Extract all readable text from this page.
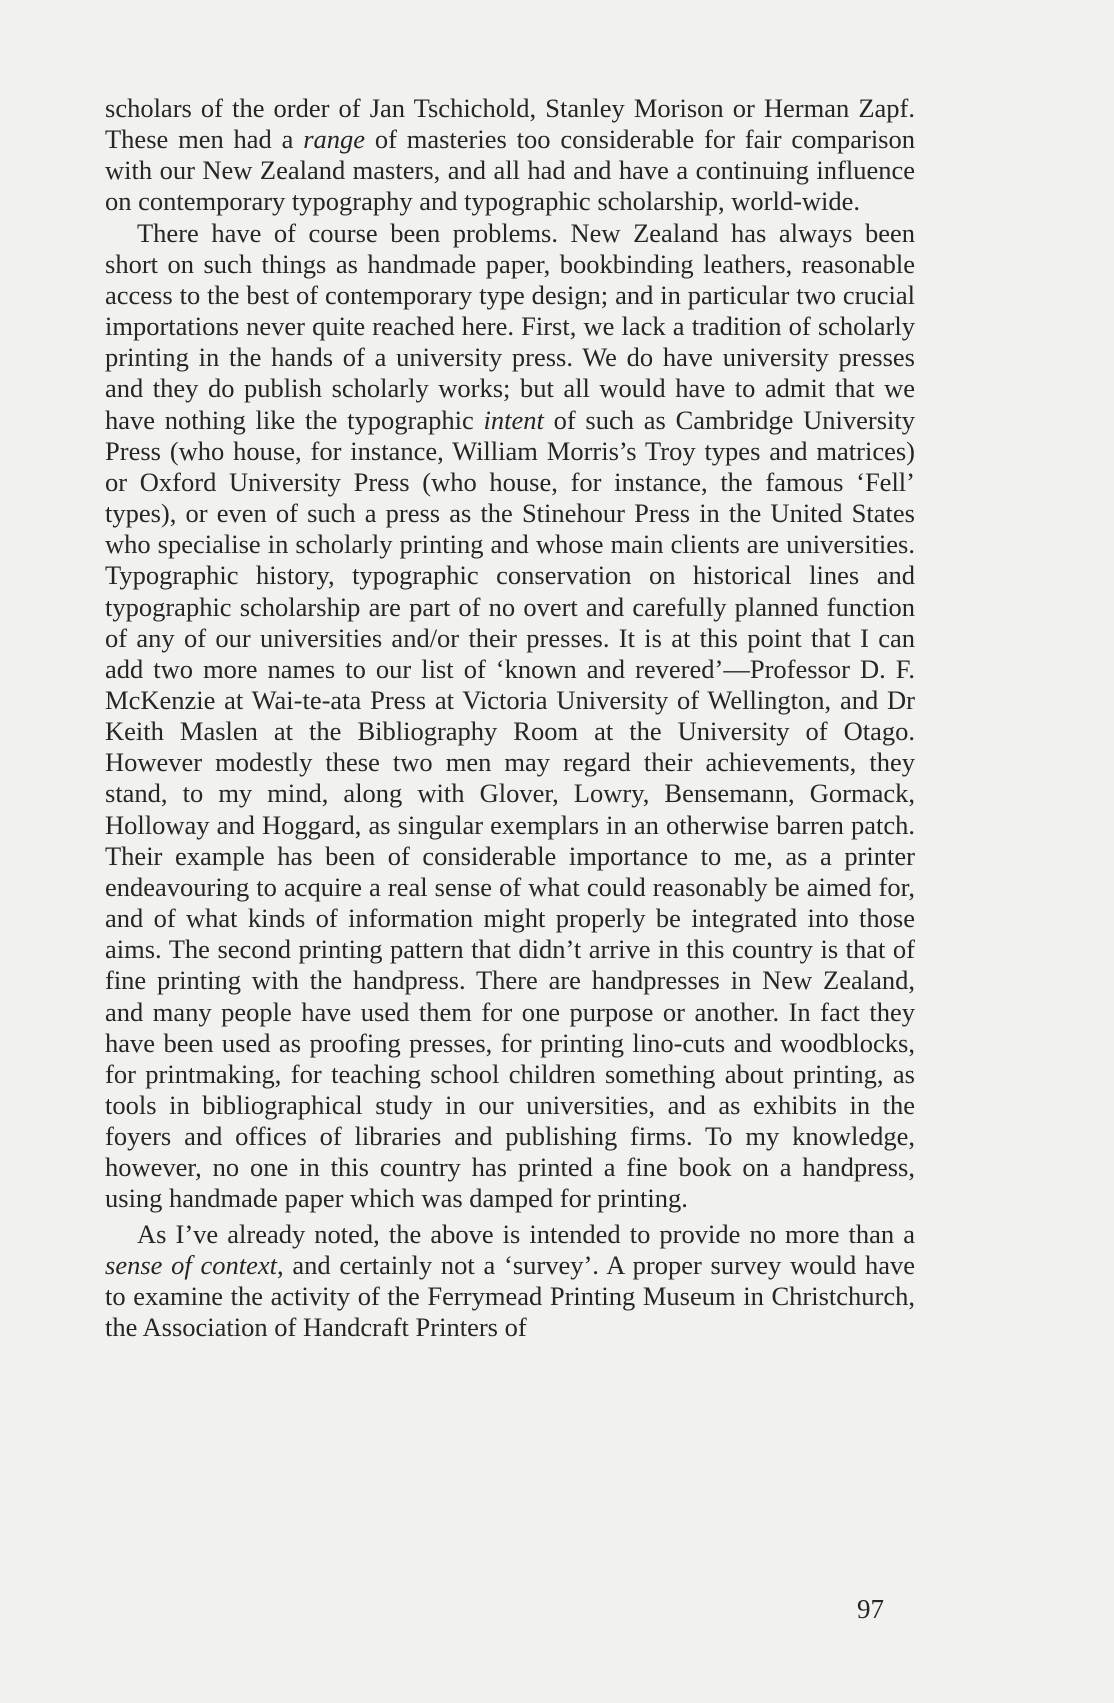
scholars of the order of Jan Tschichold, Stanley Morison or Herman Zapf. These men had a range of masteries too considerable for fair comparison with our New Zealand masters, and all had and have a continuing influence on contemporary typography and typographic scholarship, world-wide.

There have of course been problems. New Zealand has always been short on such things as handmade paper, bookbinding leathers, reasonable access to the best of contemporary type design; and in particular two crucial importations never quite reached here. First, we lack a tradition of scholarly printing in the hands of a university press. We do have university presses and they do publish scholarly works; but all would have to admit that we have nothing like the typographic intent of such as Cambridge University Press (who house, for instance, William Morris’s Troy types and matrices) or Oxford University Press (who house, for instance, the famous ‘Fell’ types), or even of such a press as the Stinehour Press in the United States who specialise in scholarly printing and whose main clients are universities. Typographic history, typographic conservation on historical lines and typographic scholarship are part of no overt and carefully planned function of any of our universities and/or their presses. It is at this point that I can add two more names to our list of ‘known and revered’—Professor D. F. McKenzie at Wai-te-ata Press at Victoria University of Wellington, and Dr Keith Maslen at the Bibliography Room at the University of Otago. However modestly these two men may regard their achievements, they stand, to my mind, along with Glover, Lowry, Bensemann, Gormack, Holloway and Hoggard, as singular exemplars in an otherwise barren patch. Their example has been of considerable importance to me, as a printer endeavouring to acquire a real sense of what could reasonably be aimed for, and of what kinds of information might properly be integrated into those aims. The second printing pattern that didn’t arrive in this country is that of fine printing with the handpress. There are handpresses in New Zealand, and many people have used them for one purpose or another. In fact they have been used as proofing presses, for printing lino-cuts and woodblocks, for printmaking, for teaching school children something about printing, as tools in bibliographical study in our universities, and as exhibits in the foyers and offices of libraries and publishing firms. To my knowledge, however, no one in this country has printed a fine book on a handpress, using handmade paper which was damped for printing.

As I’ve already noted, the above is intended to provide no more than a sense of context, and certainly not a ‘survey’. A proper survey would have to examine the activity of the Ferrymead Printing Museum in Christchurch, the Association of Handcraft Printers of

97
